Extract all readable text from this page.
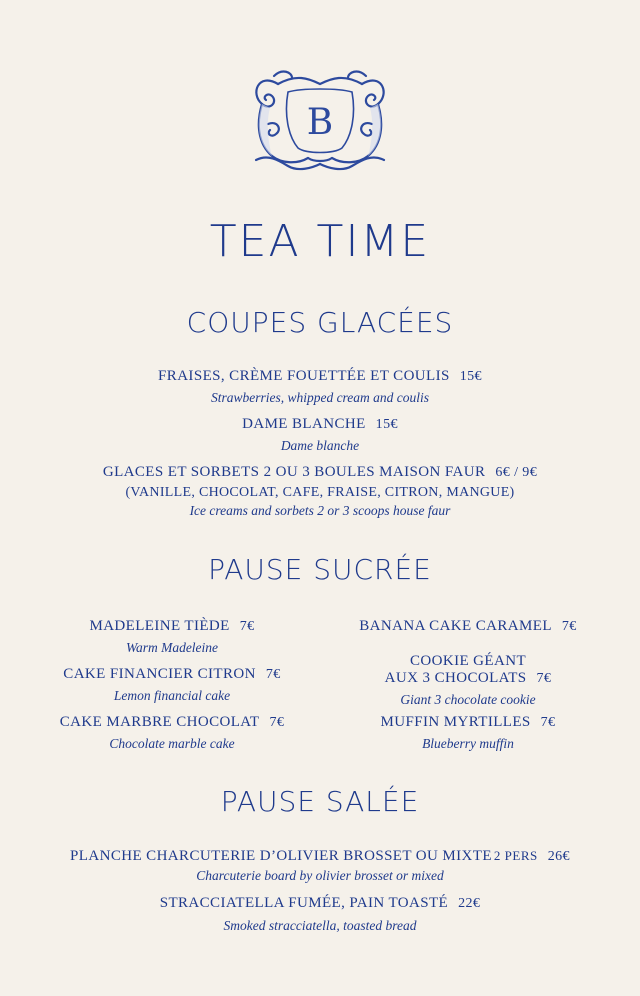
B
TEA TIME
COUPES GLACÉES
FRAISES, CRÈME FOUETTÉE ET COULIS 15€
Strawberries, whipped cream and coulis
DAME BLANCHE 15€
Dame blanche
GLACES ET SORBETS 2 OU 3 BOULES MAISON FAUR 6€ / 9€
(VANILLE, CHOCOLAT, CAFE, FRAISE, CITRON, MANGUE)
Ice creams and sorbets 2 or 3 scoops house faur
PAUSE SUCRÉE
MADELEINE TIÈDE 7€
Warm Madeleine
CAKE FINANCIER CITRON 7€
Lemon financial cake
CAKE MARBRE CHOCOLAT 7€
Chocolate marble cake
BANANA CAKE CARAMEL 7€
COOKIE GÉANT
AUX 3 CHOCOLATS 7€
Giant 3 chocolate cookie
MUFFIN MYRTILLES 7€
Blueberry muffin
PAUSE SALÉE
PLANCHE CHARCUTERIE D’OLIVIER BROSSET OU MIXTE 2 PERS 26€
Charcuterie board by olivier brosset or mixed
STRACCIATELLA FUMÉE, PAIN TOASTÉ 22€
Smoked stracciatella, toasted bread
